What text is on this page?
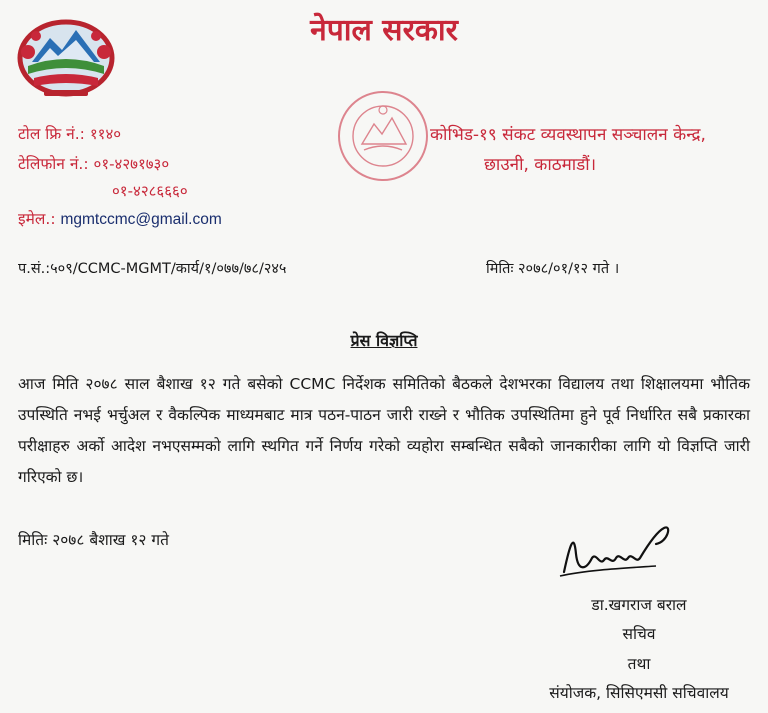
नेपाल सरकार
टोल फ्रि नं.: ११४०
टेलिफोन नं.: ०१-४२७१७३०
०१-४२८६६६०
इमेल.: mgmtccmc@gmail.com
कोभिड-१९ संकट व्यवस्थापन सञ्चालन केन्द्र,
छाउनी, काठमाडौं।
प.सं.:५०९/CCMC-MGMT/कार्य/१/०७७/७८/२४५	मितिः २०७८/०१/१२ गते ।
प्रेस विज्ञप्ति
आज मिति २०७८ साल बैशाख १२ गते बसेको CCMC निर्देशक समितिको बैठकले देशभरका विद्यालय तथा शिक्षालयमा भौतिक उपस्थिति नभई भर्चुअल र वैकल्पिक माध्यमबाट मात्र पठन-पाठन जारी राख्ने र भौतिक उपस्थितिमा हुने पूर्व निर्धारित सबै प्रकारका परीक्षाहरु अर्को आदेश नभएसम्मको लागि स्थगित गर्ने निर्णय गरेको व्यहोरा सम्बन्धित सबैको जानकारीका लागि यो विज्ञप्ति जारी गरिएको छ।
मितिः २०७८ बैशाख १२ गते
डा.खगराज बराल
सचिव
तथा
संयोजक, सिसिएमसी सचिवालय
